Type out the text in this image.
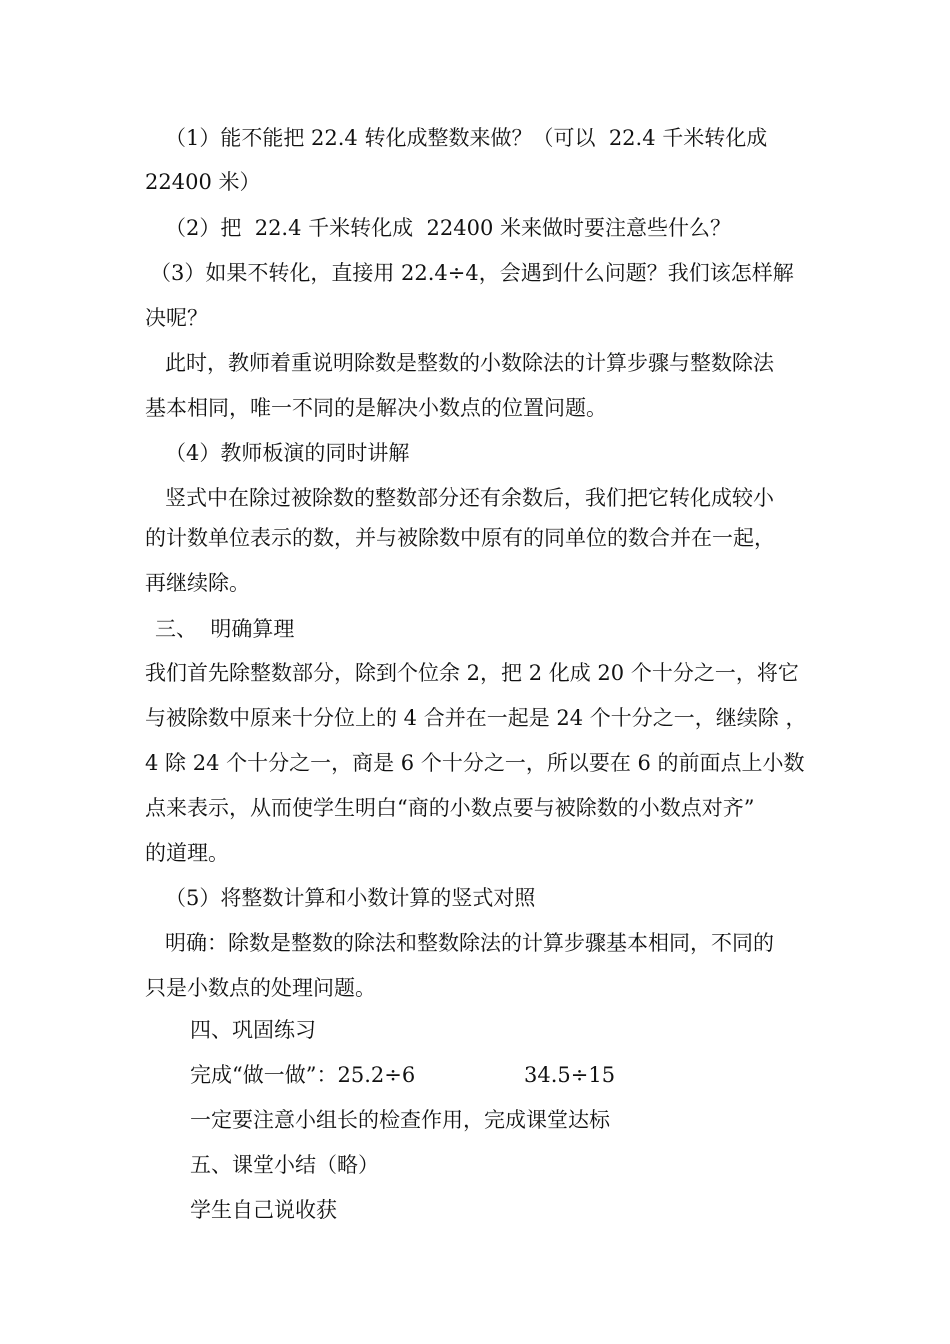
（1）能不能把 22.4 转化成整数来做？（可以  22.4 千米转化成
22400 米）
（2）把  22.4 千米转化成  22400 米来做时要注意些什么？
（3）如果不转化，直接用 22.4÷4，会遇到什么问题？我们该怎样解
决呢？
此时，教师着重说明除数是整数的小数除法的计算步骤与整数除法
基本相同，唯一不同的是解决小数点的位置问题。
（4）教师板演的同时讲解
竖式中在除过被除数的整数部分还有余数后，我们把它转化成较小
的计数单位表示的数，并与被除数中原有的同单位的数合并在一起，
再继续除。
三、  明确算理
我们首先除整数部分，除到个位余 2，把 2 化成 20 个十分之一，将它
与被除数中原来十分位上的 4 合并在一起是 24 个十分之一，继续除 ，
4 除 24 个十分之一，商是 6 个十分之一，所以要在 6 的前面点上小数
点来表示，从而使学生明白“商的小数点要与被除数的小数点对齐”
的道理。
（5）将整数计算和小数计算的竖式对照
明确：除数是整数的除法和整数除法的计算步骤基本相同，不同的
只是小数点的处理问题。
四、巩固练习
完成“做一做”：25.2÷6	34.5÷15
一定要注意小组长的检查作用，完成课堂达标
五、课堂小结（略）
学生自己说收获
